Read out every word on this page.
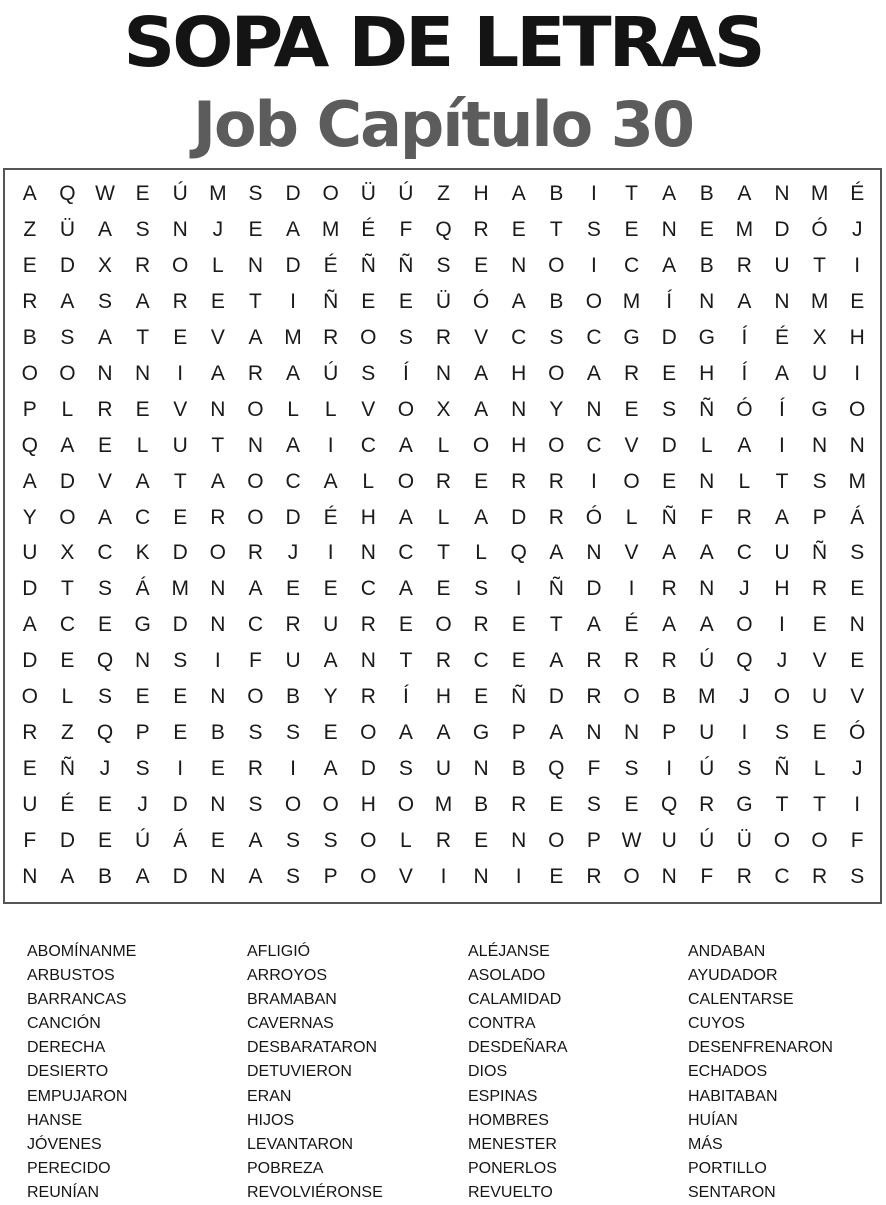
SOPA DE LETRAS
Job Capítulo 30
A	Q W E	Ú	M	S	D	O	Ü	Ú	Z	H	A	B	I	T	A	B	A	N	M	É
Z	Ü	A	S	N	J	E	A	M	É	F	Q	R	E	T	S	E	N	E	M	D	Ó	J
E	D	X	R	O	L	N	D	É	Ñ	Ñ	S	E	N	O	I	C	A	B	R	U	T	I
R	A	S	A	R	E	T	I	Ñ	E	E	Ü	Ó	A	B	O M	Í	N	A	N	M	E
B	S	A	T	E	V	A	M	R	O	S	R	V	C	S	C	G	D	G	Í	É	X	H
O	O	N	N	I	A	R	A	Ú	S	Í	N	A	H	O	A	R	E	H	Í	A	U	I
P	L	R	E	V	N	O	L	L	V	O	X	A	N	Y	N	E	S	Ñ	Ó	Í	G	O
Q	A	E	L	U	T	N	A	I	C	A	L	O	H	O	C	V	D	L	A	I	N	N
A	D	V	A	T	A	O	C	A	L	O	R	E	R	R	I	O	E	N	L	T	S	M
Y	O	A	C	E	R	O	D	É	H	A	L	A	D	R	Ó	L	Ñ	F	R	A	P	Á
U	X	C	K	D	O	R	J	I	N	C	T	L	Q	A	N	V	A	A	C	U	Ñ	S
D	T	S	Á	M	N	A	E	E	C	A	E	S	I	Ñ	D	I	R	N	J	H	R	E
A	C	E	G	D	N	C	R	U	R	E	O	R	E	T	A	É	A	A	O	I	E	N
D	E	Q	N	S	I	F	U	A	N	T	R	C	E	A	R	R	R	Ú	Q	J	V	E
O	L	S	E	E	N	O	B	Y	R	Í	H	E	Ñ	D	R	O	B	M	J	O	U	V
R	Z	Q	P	E	B	S	S	E	O	A	A	G	P	A	N	N	P	U	I	S	E	Ó
E	Ñ	J	S	I	E	R	I	A	D	S	U	N	B	Q	F	S	I	Ú	S	Ñ	L	J
U	É	E	J	D	N	S	O	O	H	O M	B	R	E	S	E	Q	R	G	T	T	I
F	D	E	Ú	Á	E	A	S	S	O	L	R	E	N	O	P W U	Ú	Ü	O	O	F
N	A	B	A	D	N	A	S	P	O	V	I	N	I	E	R	O	N	F	R	C	R	S
ABOMÍNANME	AFLIGIÓ	ALÉJANSE	ANDABAN
ARBUSTOS	ARROYOS	ASOLADO	AYUDADOR
BARRANCAS	BRAMABAN	CALAMIDAD	CALENTARSE
CANCIÓN	CAVERNAS	CONTRA	CUYOS
DERECHA	DESBARATARON	DESDEÑARA	DESENFRENARON
DESIERTO	DETUVIERON	DIOS	ECHADOS
EMPUJARON	ERAN	ESPINAS	HABITABAN
HANSE	HIJOS	HOMBRES	HUÍAN
JÓVENES	LEVANTARON	MENESTER	MÁS
PERECIDO	POBREZA	PONERLOS	PORTILLO
REUNÍAN	REVOLVIÉRONSE	REVUELTO	SENTARON
